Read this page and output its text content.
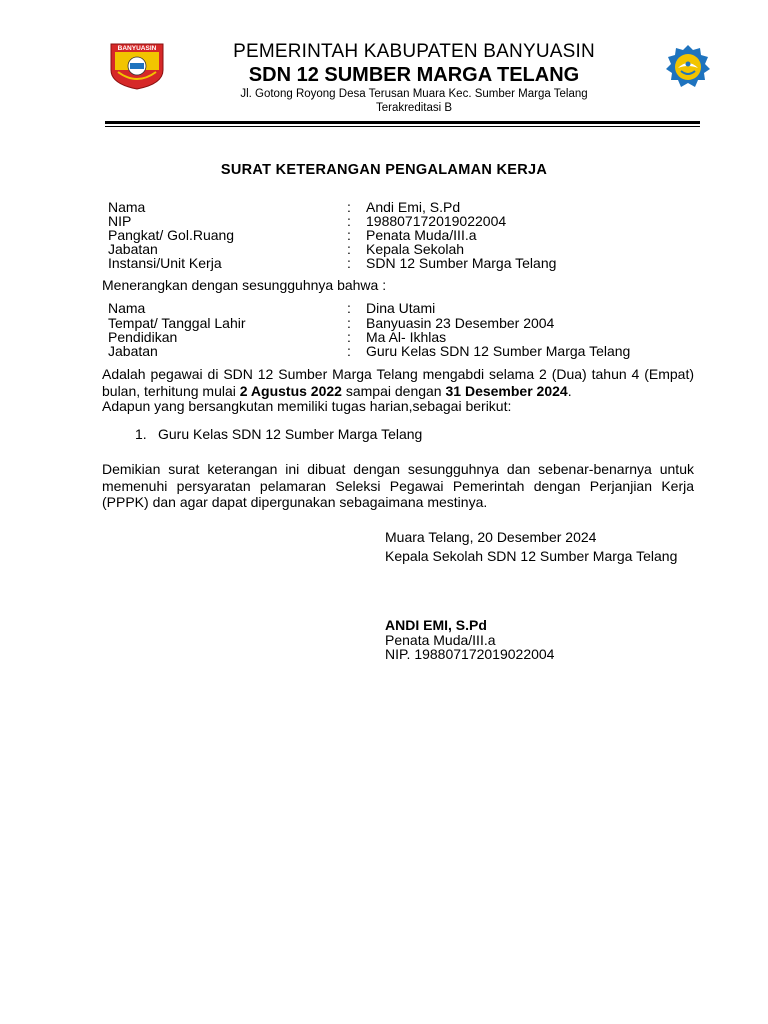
BANYUASIN	PEMERINTAH KABUPATEN BANYUASIN
SDN 12 SUMBER MARGA TELANG
Jl. Gotong Royong Desa Terusan Muara Kec. Sumber Marga Telang
Terakreditasi B
SURAT KETERANGAN PENGALAMAN KERJA
Nama	: Andi Emi, S.Pd
NIP	: 198807172019022004
Pangkat/ Gol.Ruang	: Penata Muda/III.a
Jabatan	: Kepala Sekolah
Instansi/Unit Kerja	: SDN 12 Sumber Marga Telang
Menerangkan dengan sesungguhnya bahwa :
Nama	: Dina Utami
Tempat/ Tanggal Lahir	: Banyuasin 23 Desember 2004
Pendidikan	: Ma Al- Ikhlas
Jabatan	: Guru Kelas SDN 12 Sumber Marga Telang
Adalah pegawai di SDN 12 Sumber Marga Telang mengabdi selama 2 (Dua) tahun 4 (Empat) bulan, terhitung mulai 2 Agustus 2022 sampai dengan 31 Desember 2024.
Adapun yang bersangkutan memiliki tugas harian,sebagai berikut:
1. Guru Kelas SDN 12 Sumber Marga Telang
Demikian surat keterangan ini dibuat dengan sesungguhnya dan sebenar-benarnya untuk memenuhi persyaratan pelamaran Seleksi Pegawai Pemerintah dengan Perjanjian Kerja (PPPK) dan agar dapat dipergunakan sebagaimana mestinya.
Muara Telang, 20 Desember 2024
Kepala Sekolah SDN 12 Sumber Marga Telang
ANDI EMI, S.Pd
Penata Muda/III.a
NIP. 198807172019022004
